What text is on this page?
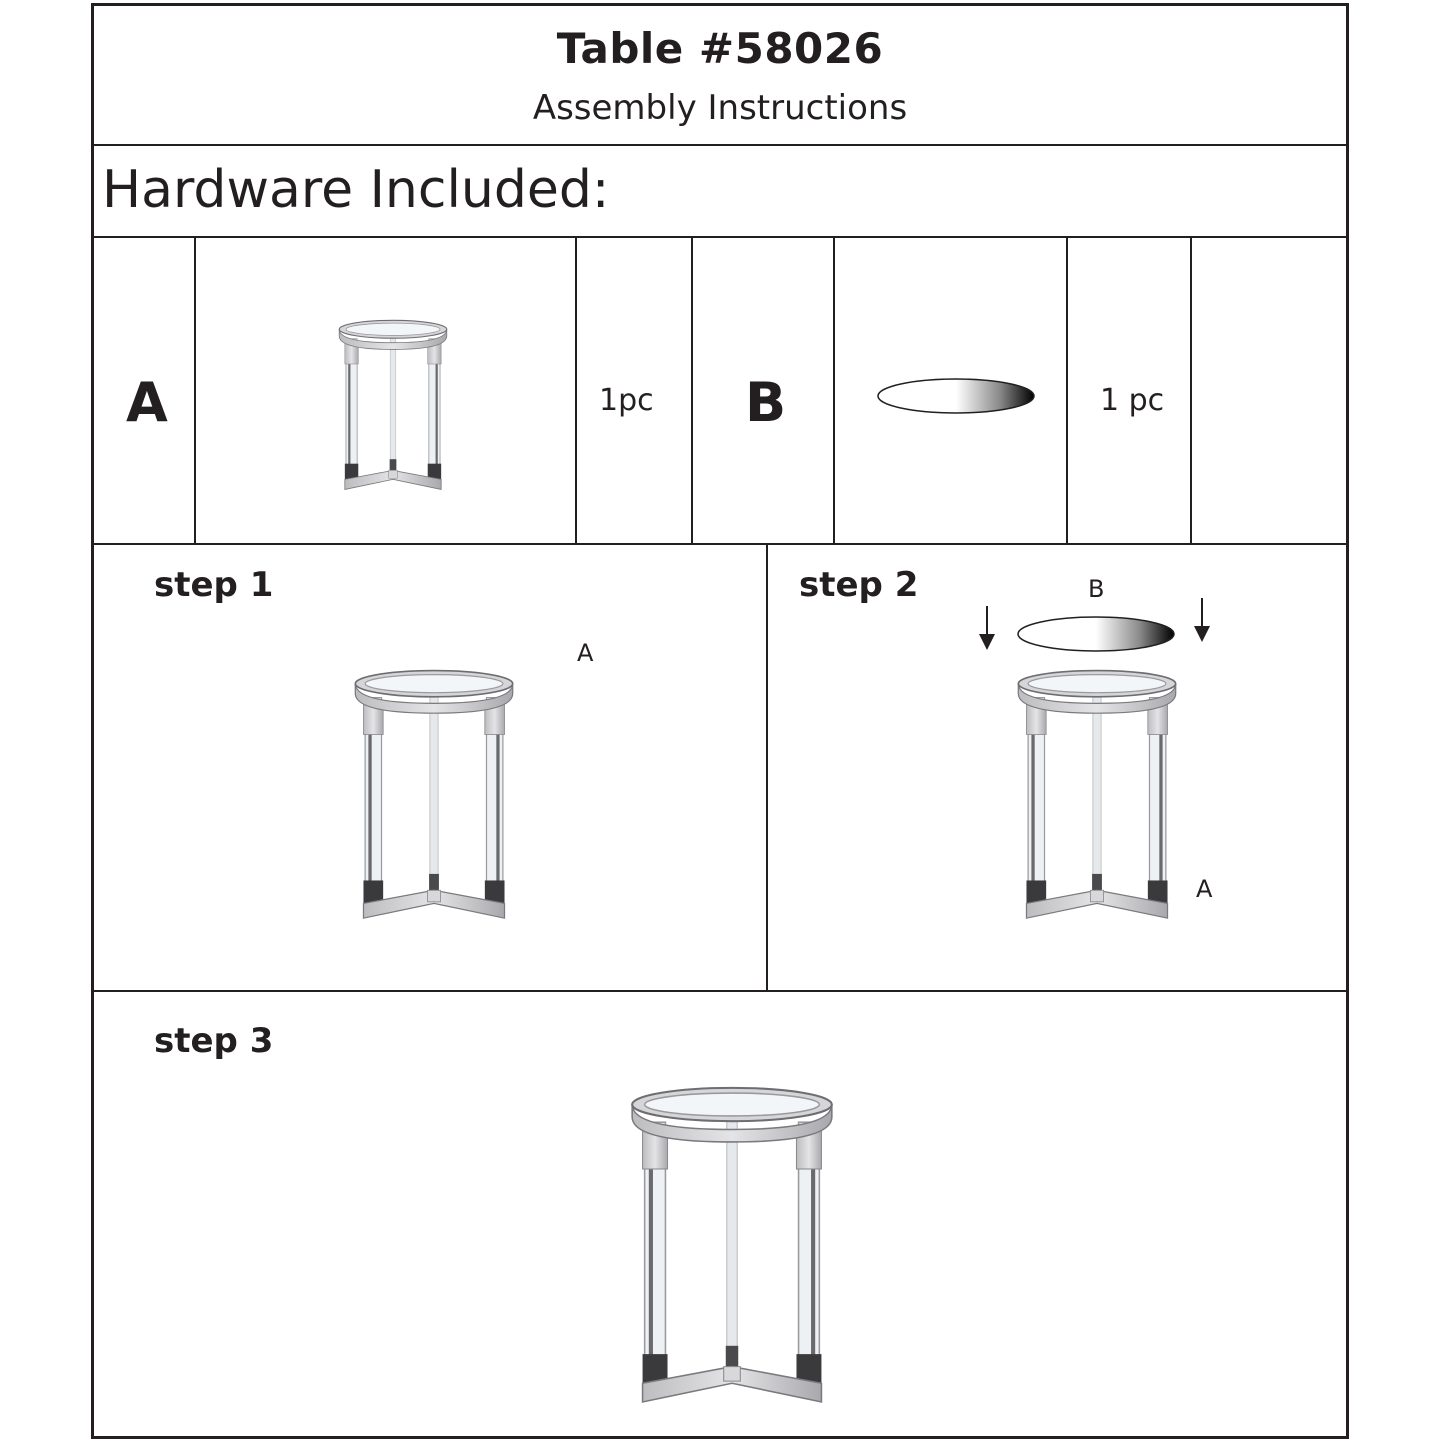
Table #58026
Assembly Instructions
Hardware Included:
A	1pc B	1 pc
step 1
A
step 2	B
A
step 3
